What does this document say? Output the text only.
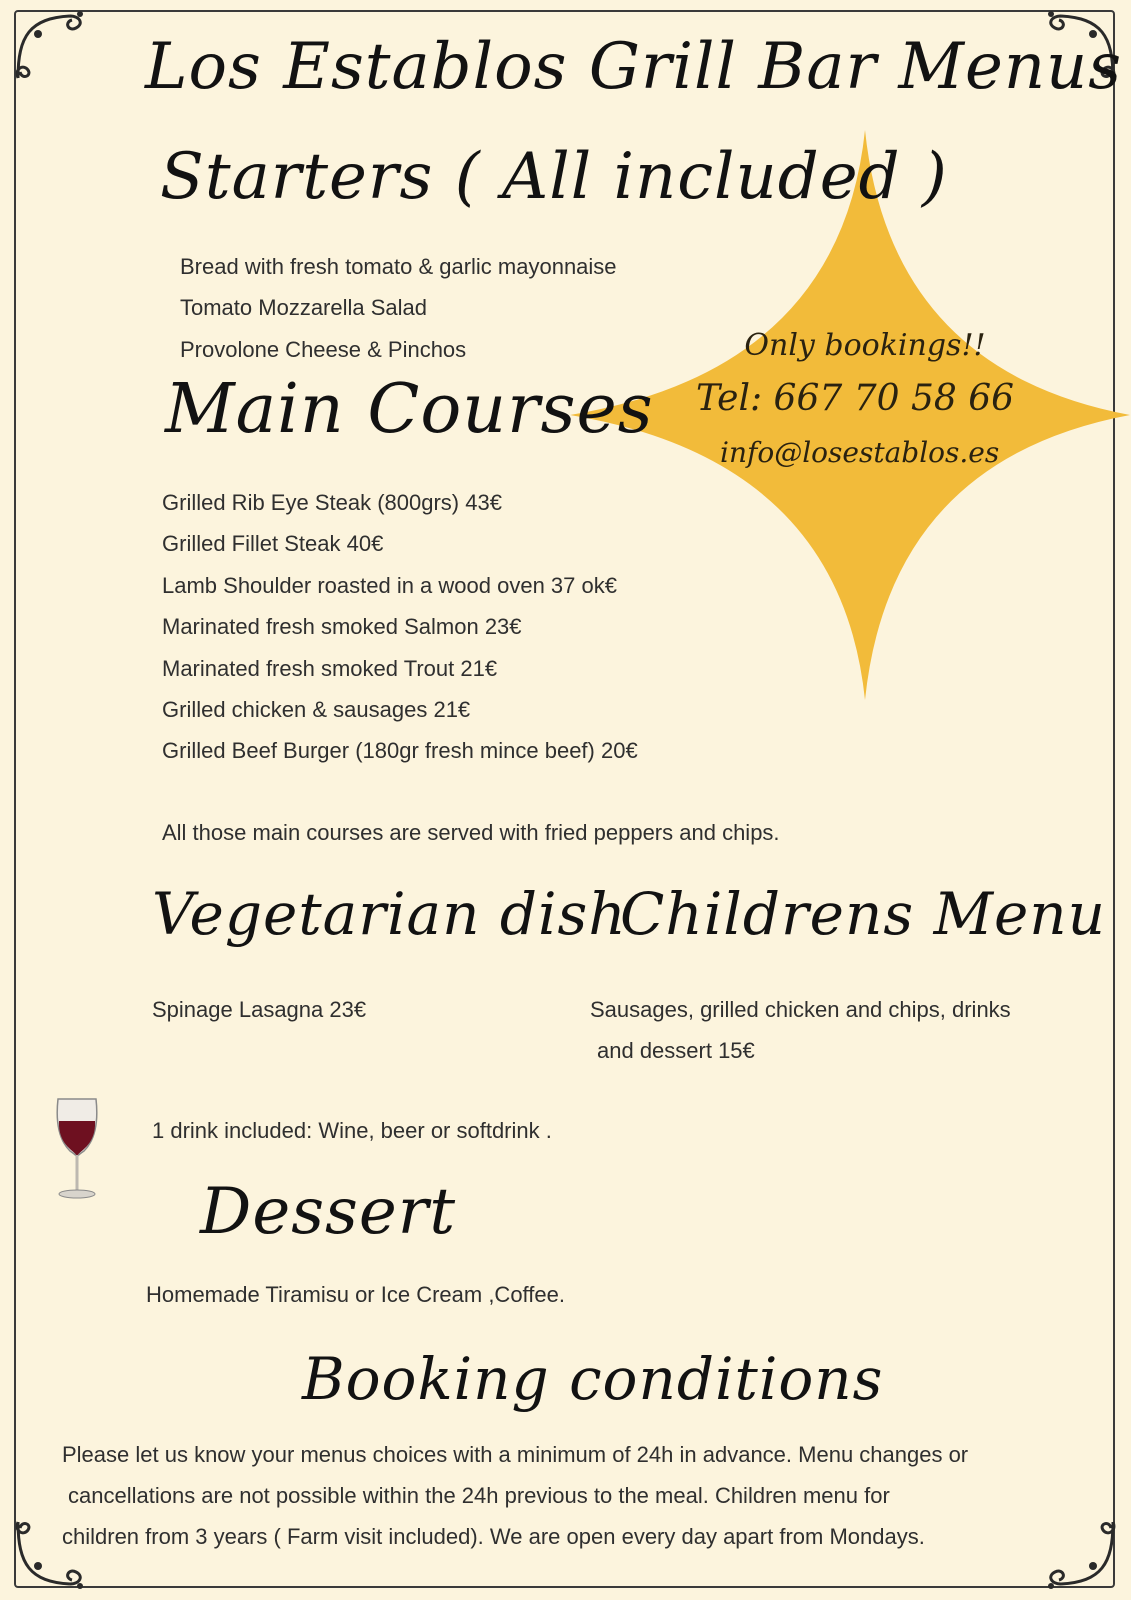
Only bookings!!

Tel: 667 70 58 66

info@losestablos.es

Los Establos Grill Bar Menus
Starters ( All included )
Bread with fresh tomato & garlic mayonnaise
Tomato Mozzarella Salad
Provolone Cheese & Pinchos
Main Courses
Grilled Rib Eye Steak (800grs) 43€
Grilled Fillet Steak 40€
Lamb Shoulder roasted in a wood oven 37 ok€
Marinated fresh smoked Salmon 23€
Marinated fresh smoked Trout 21€
Grilled chicken & sausages 21€
Grilled Beef Burger (180gr fresh mince beef) 20€

All those main courses are served with fried peppers and chips.

Vegetarian dish

Spinage Lasagna 23€

Childrens Menu

Sausages, grilled chicken and chips, drinks

and dessert 15€

1 drink included: Wine, beer or softdrink .

Dessert

Homemade Tiramisu or Ice Cream ,Coffee.

Booking conditions

Please let us know your menus choices with a minimum of 24h in advance. Menu changes or

cancellations are not possible within the 24h previous to the meal. Children menu for

children from 3 years ( Farm visit included). We are open every day apart from Mondays.
